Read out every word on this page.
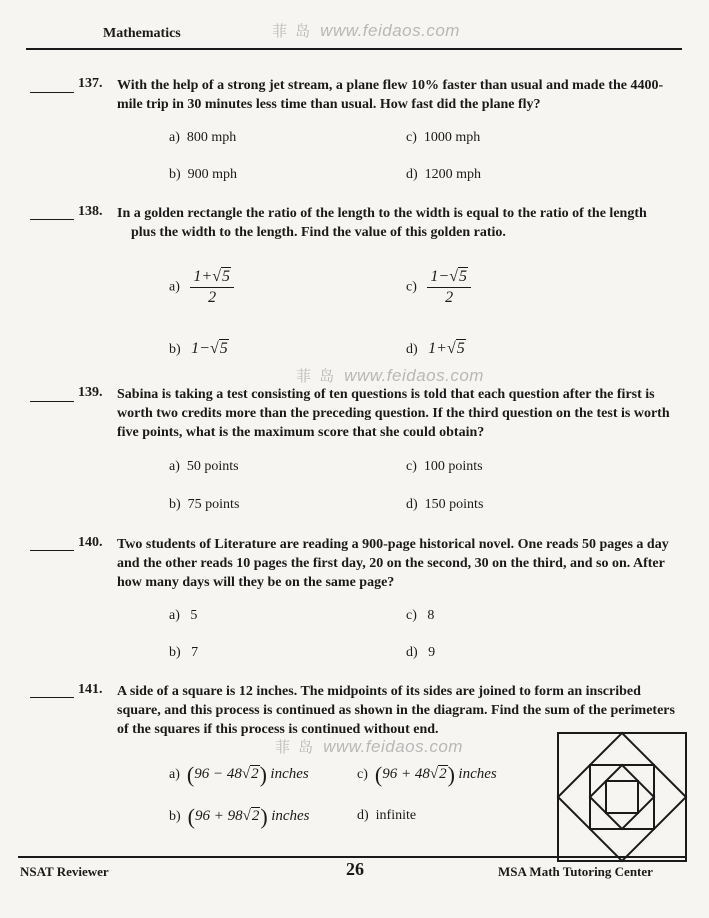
Mathematics	菲 岛 www.feidaos.com
137. With the help of a strong jet stream, a plane flew 10% faster than usual and made the 4400-
mile trip in 30 minutes less time than usual. How fast did the plane fly?
a) 800 mph	c) 1000 mph
b) 900 mph	d) 1200 mph
138. In a golden rectangle the ratio of the length to the width is equal to the ratio of the length
plus the width to the length. Find the value of this golden ratio.
$a) \frac{1+√5}{2}$	$c) \frac{1-√5}{2}$
b) 1−√5	d) 1+√5
菲 岛 www.feidaos.com
139. Sabina is taking a test consisting of ten questions is told that each question after the first is
worth two credits more than the preceding question. If the third question on the test is worth
five points, what is the maximum score that she could obtain?
a) 50 points	c) 100 points
b) 75 points	d) 150 points
140. Two students of Literature are reading a 900-page historical novel. One reads 50 pages a day
and the other reads 10 pages the first day, 20 on the second, 30 on the third, and so on. After
how many days will they be on the same page?
a) 5	c) 8
b) 7	d) 9
141. A side of a square is 12 inches. The midpoints of its sides are joined to form an inscribed
square, and this process is continued as shown in the diagram. Find the sum of the perimeters
of the squares if this process is continued without end.
菲 岛 www.feidaos.com
a) (96 − 48√2) inches	c) (96 + 48√2) inches
b) (96 + 98√2) inches	d) infinite
NSAT Reviewer	26	MSA Math Tutoring Center
